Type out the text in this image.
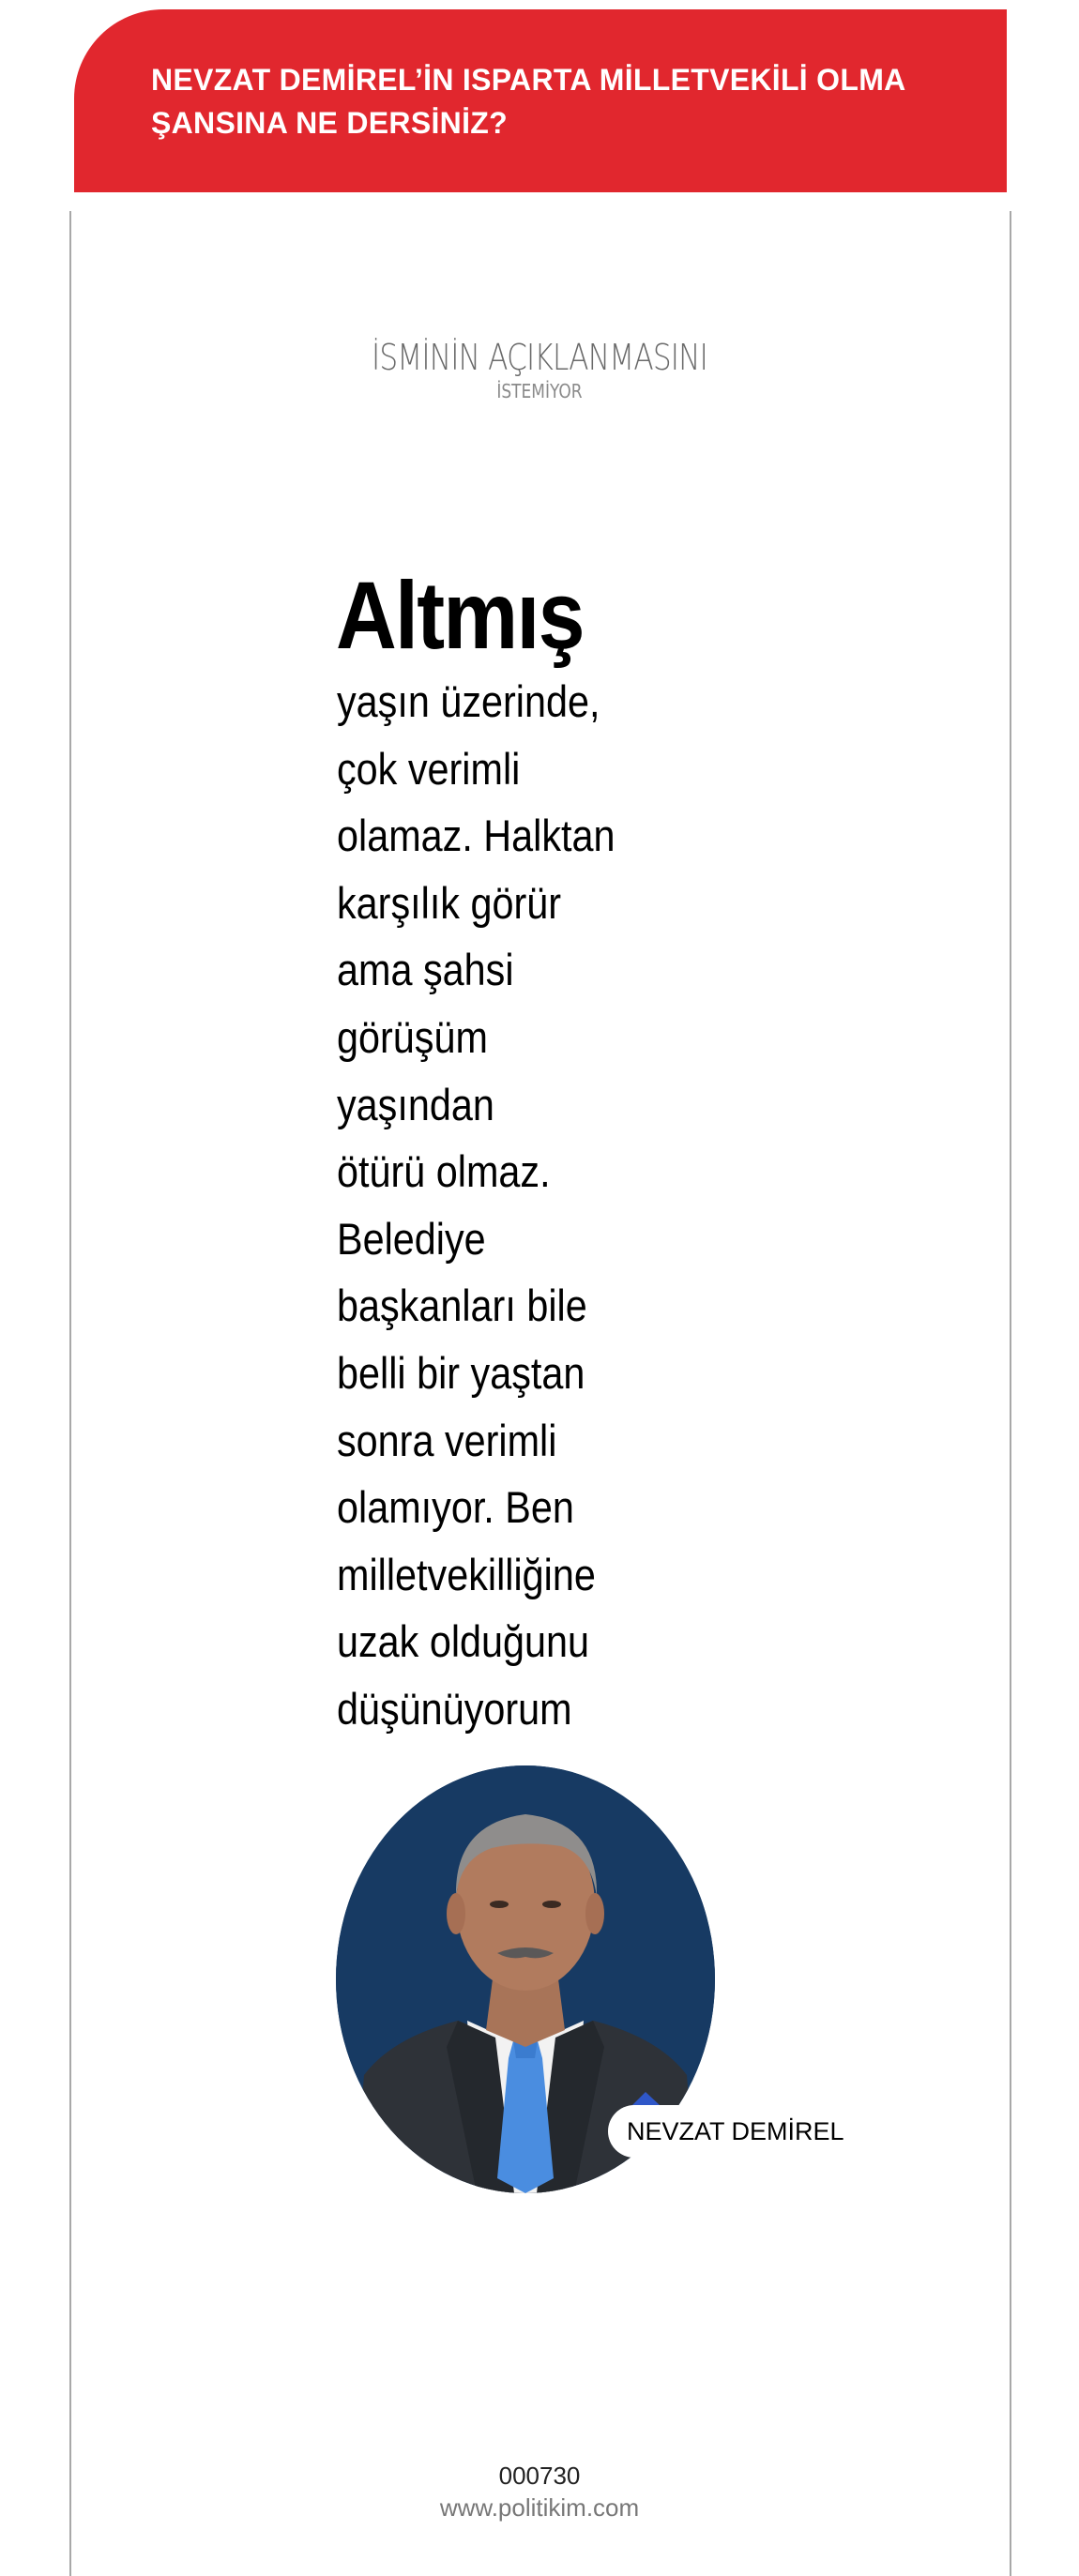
NEVZAT DEMİREL’İN ISPARTA MİLLETVEKİLİ OLMA ŞANSINA NE DERSİNİZ?
İSMİNİN AÇIKLANMASINI
İSTEMİYOR
Altmış
yaşın üzerinde,
çok verimli
olamaz. Halktan
karşılık görür
ama şahsi
görüşüm
yaşından
ötürü olmaz.
Belediye
başkanları bile
belli bir yaştan
sonra verimli
olamıyor. Ben
milletvekilliğine
uzak olduğunu
düşünüyorum
NEVZAT DEMİREL
000730
www.politikim.com
